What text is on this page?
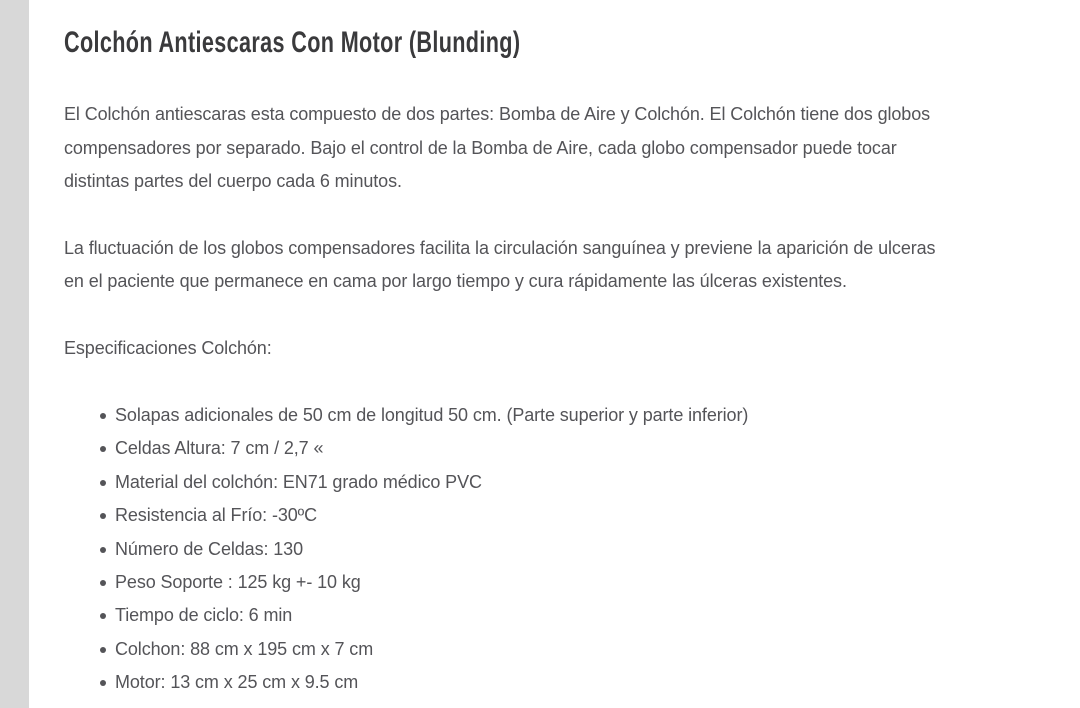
Colchón Antiescaras Con Motor (Blunding)

El Colchón antiescaras esta compuesto de dos partes: Bomba de Aire y Colchón. El Colchón tiene dos globos
compensadores por separado. Bajo el control de la Bomba de Aire, cada globo compensador puede tocar
distintas partes del cuerpo cada 6 minutos.

La fluctuación de los globos compensadores facilita la circulación sanguínea y previene la aparición de ulceras
en el paciente que permanece en cama por largo tiempo y cura rápidamente las úlceras existentes.

Especificaciones Colchón:

Solapas adicionales de 50 cm de longitud 50 cm. (Parte superior y parte inferior)
Celdas Altura: 7 cm / 2,7 «
Material del colchón: EN71 grado médico PVC
Resistencia al Frío: -30ºC
Número de Celdas: 130
Peso Soporte : 125 kg +- 10 kg
Tiempo de ciclo: 6 min
Colchon: 88 cm x 195 cm x 7 cm
Motor: 13 cm x 25 cm x 9.5 cm
